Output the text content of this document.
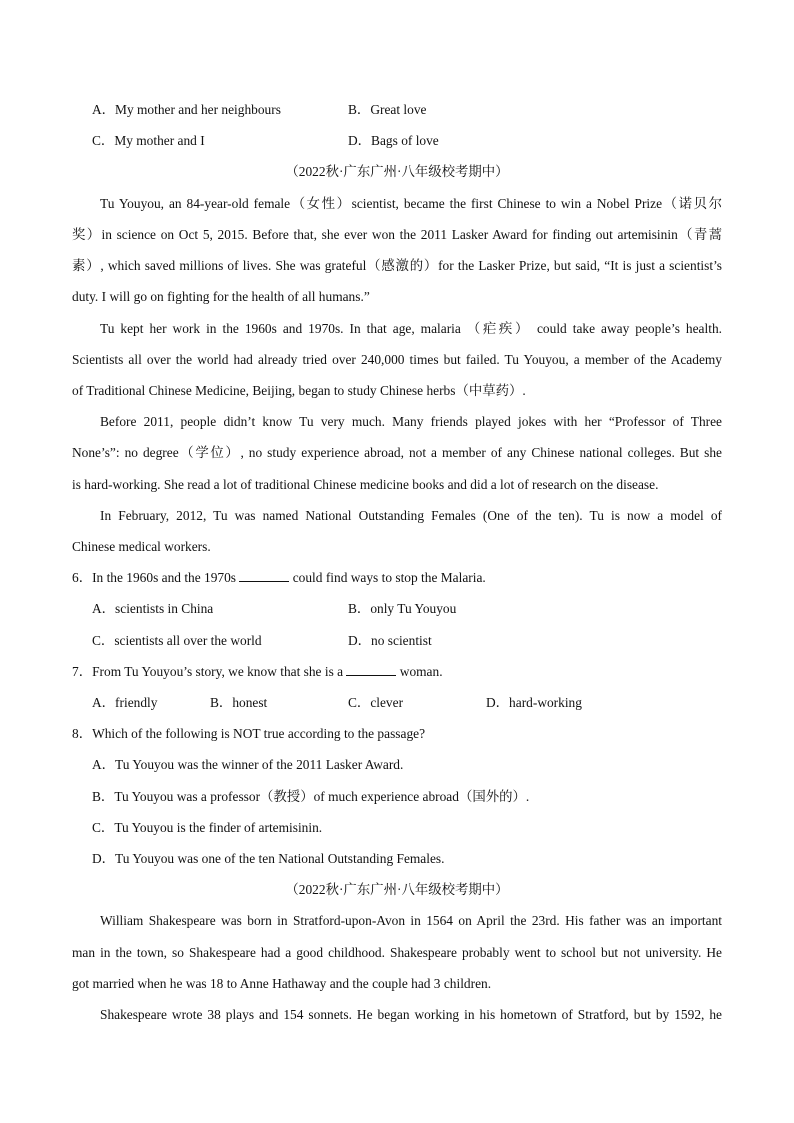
A．My mother and her neighbours	B．Great love
C．My mother and I	D．Bags of love
（2022秋·广东广州·八年级校考期中）
Tu Youyou, an 84-year-old female（女性）scientist, became the first Chinese to win a Nobel Prize（诺贝尔
奖）in science on Oct 5, 2015. Before that, she ever won the 2011 Lasker Award for finding out artemisinin（青蒿
素）, which saved millions of lives. She was grateful（感激的）for the Lasker Prize, but said, “It is just a scientist’s
duty. I will go on fighting for the health of all humans.”
Tu kept her work in the 1960s and 1970s. In that age, malaria （疟疾） could take away people’s health.
Scientists all over the world had already tried over 240,000 times but failed. Tu Youyou, a member of the Academy
of Traditional Chinese Medicine, Beijing, began to study Chinese herbs（中草药）.
Before 2011, people didn’t know Tu very much. Many friends played jokes with her “Professor of Three
None’s”: no degree（学位）, no study experience abroad, not a member of any Chinese national colleges. But she
is hard-working. She read a lot of traditional Chinese medicine books and did a lot of research on the disease.
In February, 2012, Tu was named National Outstanding Females (One of the ten). Tu is now a model of
Chinese medical workers.
6．In the 1960s and the 1970s	could find ways to stop the Malaria.
A．scientists in China	B．only Tu Youyou
C．scientists all over the world	D．no scientist
7．From Tu Youyou’s story, we know that she is a	woman.
A．friendly	B．honest	C．clever	D．hard-working
8．Which of the following is NOT true according to the passage?
A．Tu Youyou was the winner of the 2011 Lasker Award.
B．Tu Youyou was a professor（教授）of much experience abroad（国外的）.
C．Tu Youyou is the finder of artemisinin.
D．Tu Youyou was one of the ten National Outstanding Females.
（2022秋·广东广州·八年级校考期中）
William Shakespeare was born in Stratford-upon-Avon in 1564 on April the 23rd. His father was an important
man in the town, so Shakespeare had a good childhood. Shakespeare probably went to school but not university. He
got married when he was 18 to Anne Hathaway and the couple had 3 children.
Shakespeare wrote 38 plays and 154 sonnets. He began working in his hometown of Stratford, but by 1592, he
